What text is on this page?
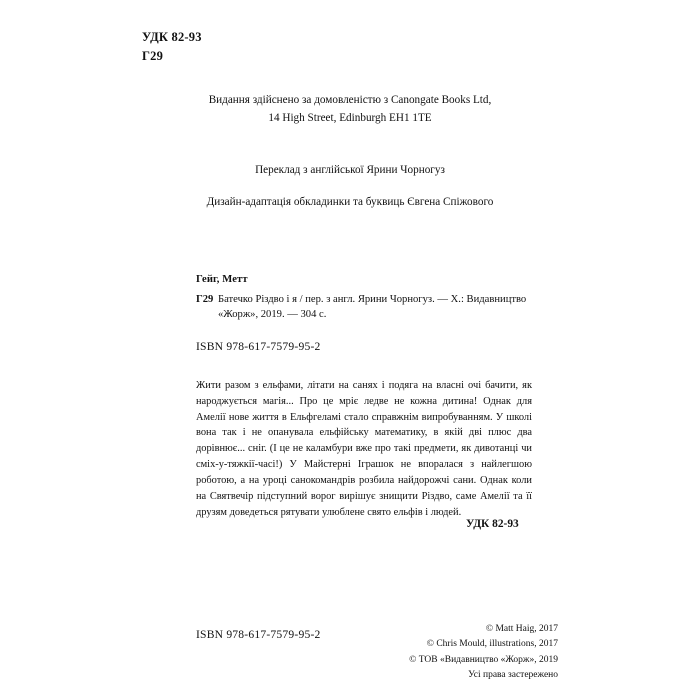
УДК 82-93
Г29
Видання здійснено за домовленістю з Canongate Books Ltd,
14 High Street, Edinburgh EH1 1TE
Переклад з англійської Ярини Чорногуз
Дизайн-адаптація обкладинки та буквиць Євгена Спіжового
Гейг, Метт
Г29 Батечко Різдво і я / пер. з англ. Ярини Чорногуз. — Х.: Видавництво «Жорж», 2019. — 304 с.
ISBN 978-617-7579-95-2
Жити разом з ельфами, літати на санях і подяга на власні очі бачити, як народжується магія... Про це мріє ледве не кожна дитина! Однак для Амелії нове життя в Ельфгеламі стало справжнім випробуванням. У школі вона так і не опанувала ельфійську математику, в якій дві плюс два дорівнює... сніг. (І це не каламбури вже про такі предмети, як дивотанці чи сміх-у-тяжкії-часі!) У Майстерні Іграшок не впоралася з найлегшою роботою, а на уроці санокомандрів розбила найдорожчі сани. Однак коли на Святвечір підступний ворог вирішує знищити Різдво, саме Амелії та її друзям доведеться рятувати улюблене свято ельфів і людей.
УДК 82-93
ISBN 978-617-7579-95-2	© Matt Haig, 2017
© Chris Mould, illustrations, 2017
© ТОВ «Видавництво «Жорж», 2019
Усі права застережено
